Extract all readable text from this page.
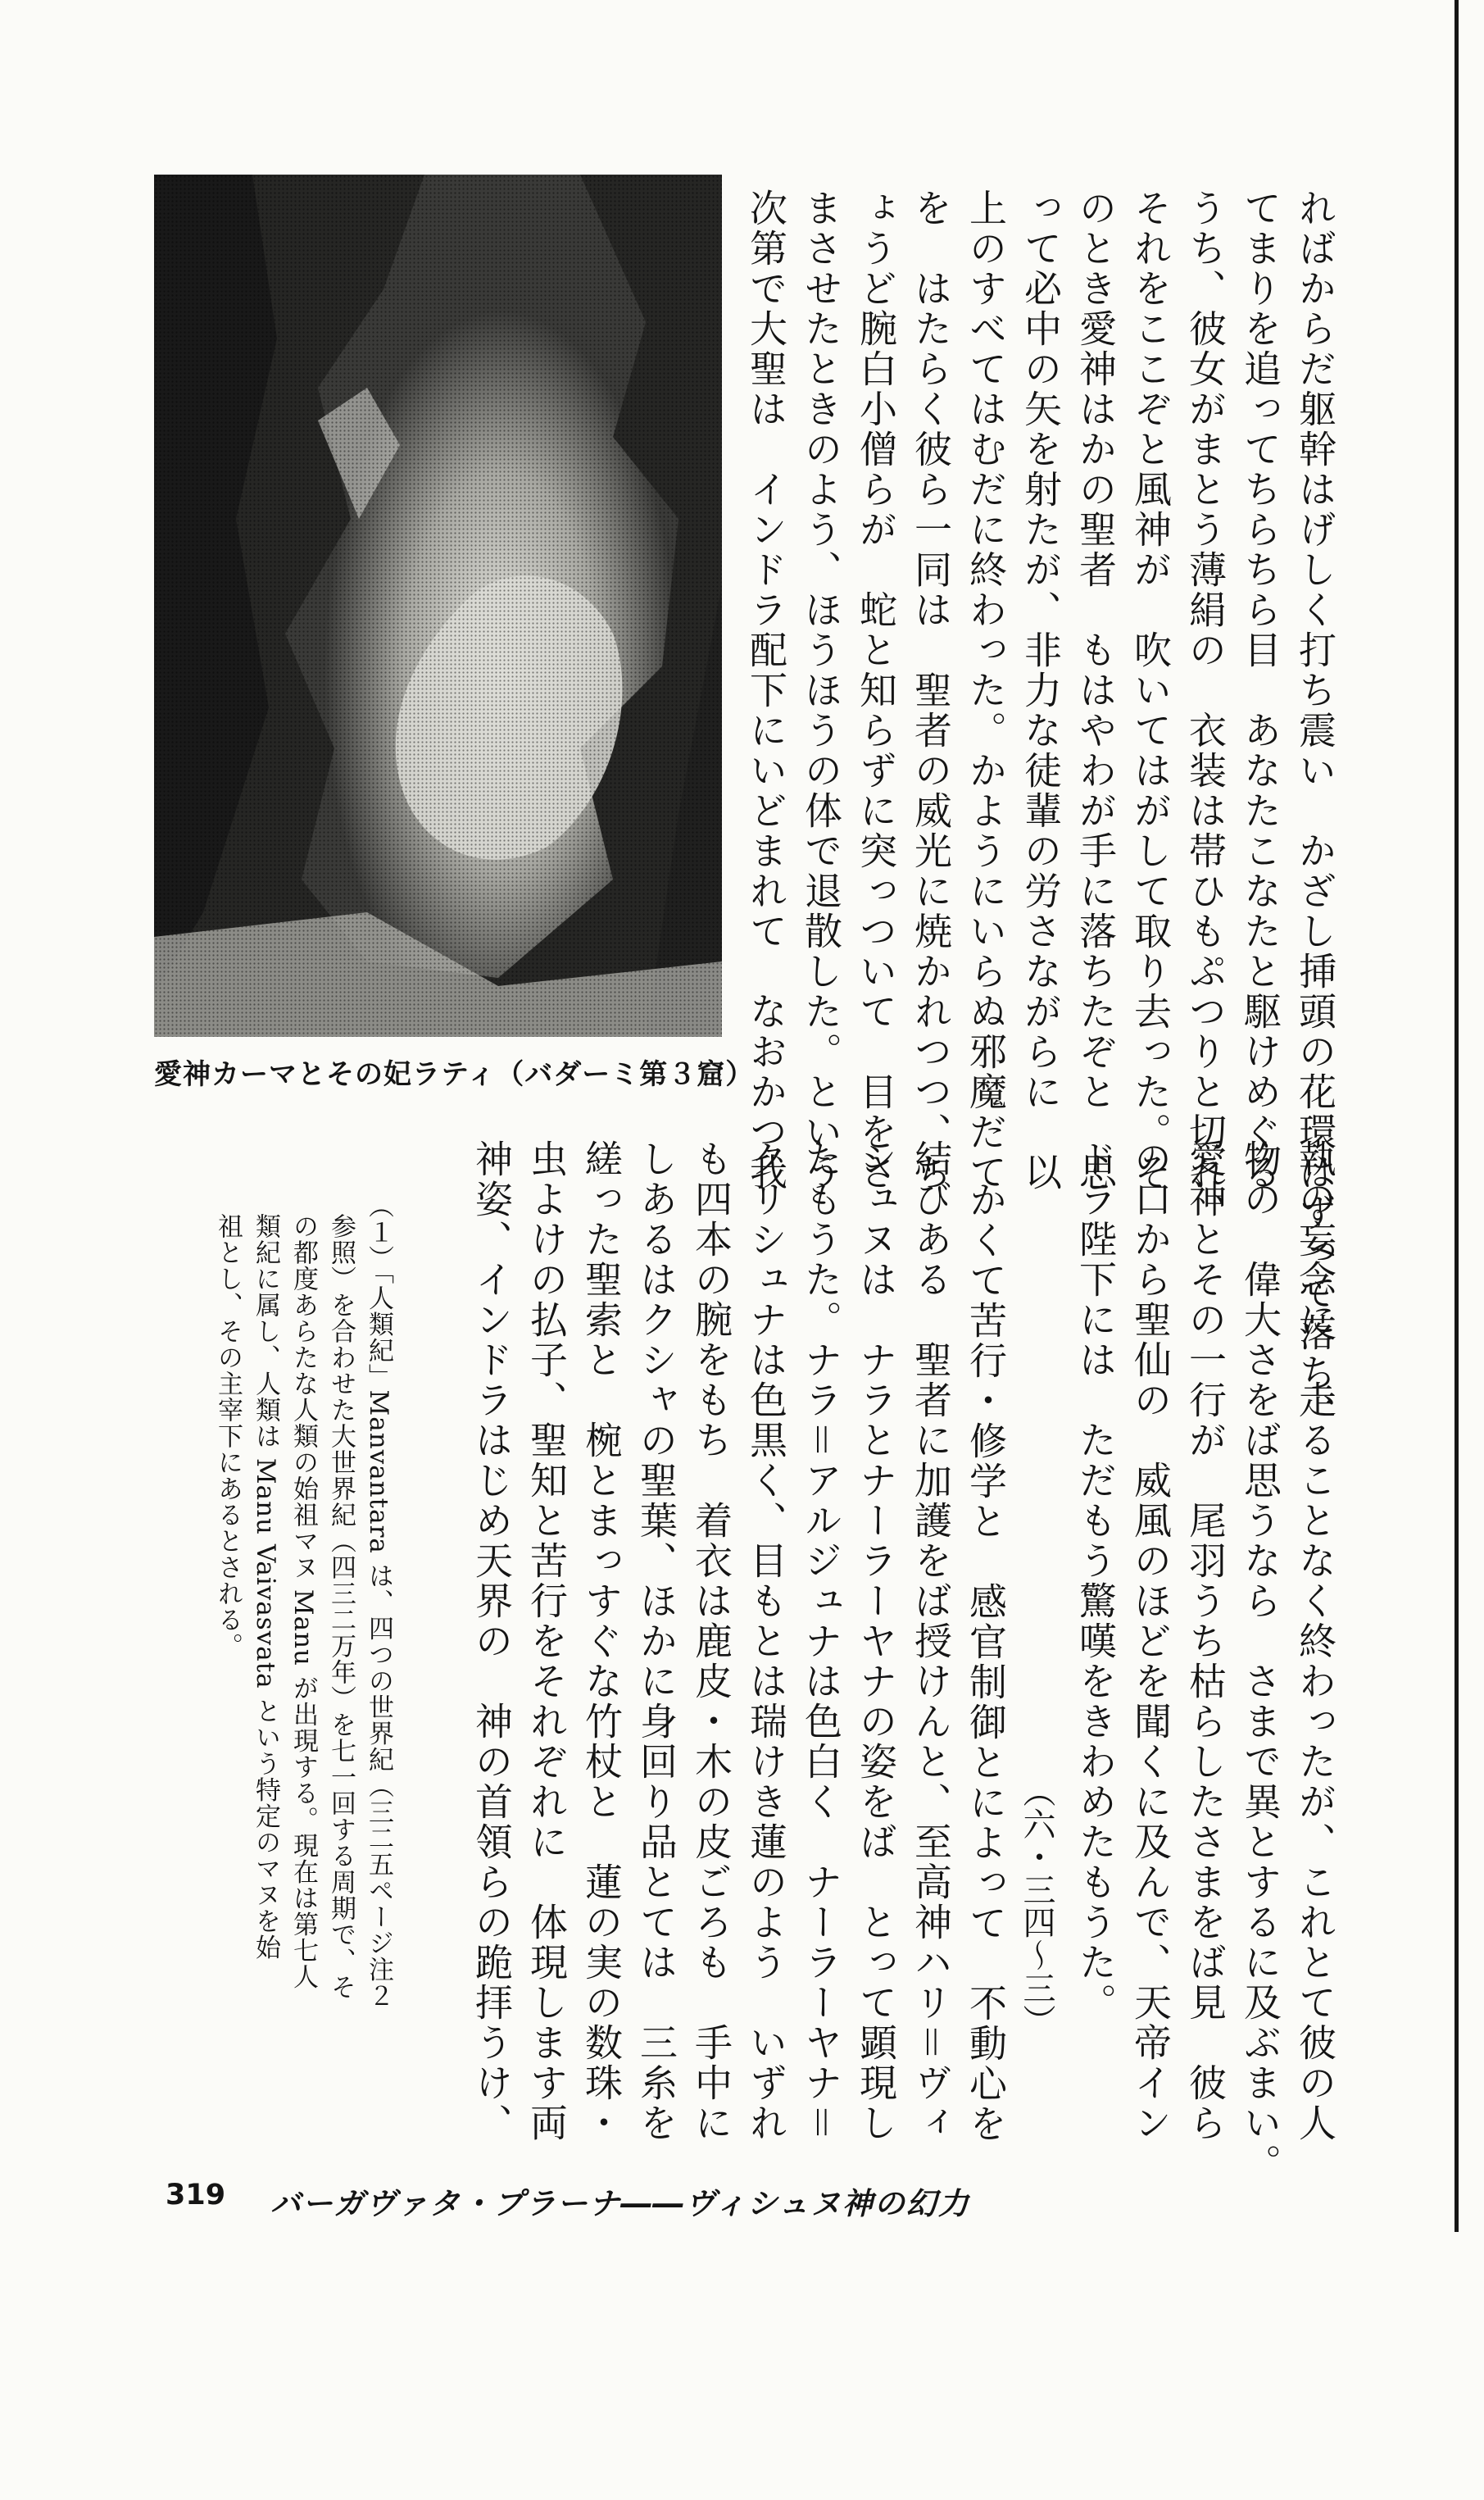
ればからだ躯幹はげしく打ち震い　かざし挿頭の花環はずって落ち、
てまりを追ってちらちら目　あなたこなたと駆けめぐる
うち、彼女がまとう薄絹の　衣装は帯ひもぷつりと切れ、
それをここぞと風神が　吹いてはがして取り去った。そ
のとき愛神はかの聖者　もはやわが手に落ちたぞと　思
って必中の矢を射たが、非力な徒輩の労さながらに　以
上のすべてはむだに終わった。かようにいらぬ邪魔だて
を　はたらく彼ら一同は　聖者の威光に焼かれつつ、ち
ょうど腕白小僧らが　蛇と知らずに突っついて　目をさ
まさせたときのよう、ほうほうの体で退散した。という
次第で大聖は　インドラ配下にいどまれて　なおかつ我
愛神カーマとその妃ラティ（バダーミ第３窟）
執の妄念に　走ることなく終わったが、これとて彼の人
物の　偉大さをば思うなら　さまで異とするに及ぶまい。
愛神とその一行が　尾羽うち枯らしたさまをば見　彼ら
の口から聖仙の　威風のほどを聞くに及んで、天帝イン
ドラ陛下には　ただもう驚嘆をきわめたもうた。
かくて苦行・修学と　感官制御とによって　不動心を
結びある　聖者に加護をば授けんと、至高神ハリ＝ヴィ
シュヌは　ナラとナーラーヤナの姿をば　とって顕現し
たもうた。ナラ＝アルジュナは色白く　ナーラーヤナ＝
クリシュナは色黒く、目もとは瑞けき蓮のよう　いずれ
も四本の腕をもち　着衣は鹿皮・木の皮ごろも　手中に
しあるはクシャの聖葉、ほかに身回り品とては　三糸を
縒った聖索と　椀とまっすぐな竹杖と　蓮の実の数珠・
虫よけの払子、聖知と苦行をそれぞれに　体現します両
神姿、インドラはじめ天界の　神の首領らの跪拝うけ、	（六・三四～三）
（１）「人類紀」Manvantara は、四つの世界紀（三二五ページ注２
参照）を合わせた大世界紀（四三二万年）を七一回する周期で、そ
の都度あらたな人類の始祖マヌ Manu が出現する。現在は第七人
類紀に属し、人類は Manu Vaivasvata という特定のマヌを始
祖とし、その主宰下にあるとされる。
319 バーガヴァタ・プラーナ――ヴィシュヌ神の幻力
